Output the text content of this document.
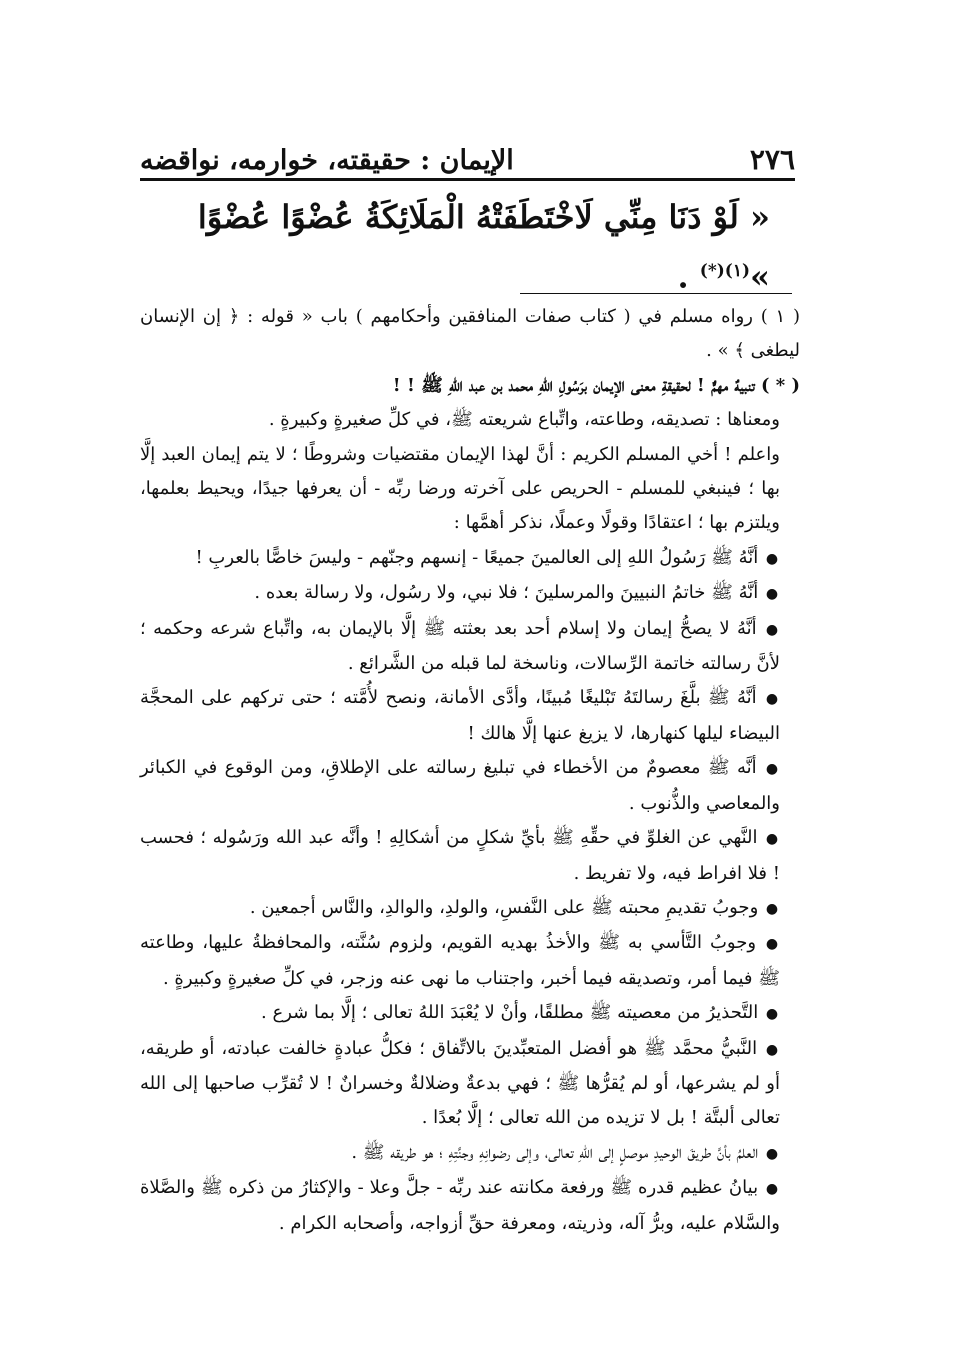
٢٧٦
الإيمان : حقيقته، خوارمه، نواقضه
« لَوْ دَنَا مِنِّي لَاخْتَطَفَتْهُ الْمَلَائِكَةُ عُضْوًا عُضْوًا »$^{(١)(*)}$ .

( ١ ) رواه مسلم في ( كتاب صفات المنافقين وأحكامهم ) باب « قوله : ﴿ إن الإنسان ليطغى ﴾ » .

( * ) تنبيهٌ مهمٌّ ! لحقيقةِ معنى الإيمان برَسُولِ اللهِ محمد بن عبد اللهِ ﷺ ! !

ومعناها : تصديقه، وطاعته، واتِّباع شريعته ﷺ، في كلِّ صغيرةٍ وكبيرةٍ .

واعلم ! أخي المسلم الكريم : أنَّ لهذا الإيمان مقتضيات وشروطًا ؛ لا يتم إيمان العبد إلَّا بها ؛ فينبغي للمسلم - الحريص على آخرته ورضا ربِّه - أن يعرفها جيدًا، ويحيط بعلمها، ويلتزم بها ؛ اعتقادًا وقولًا وعملًا، نذكر أهمَّها :

● أنَّهُ ﷺ رَسُولُ اللهِ إلى العالمينَ جميعًا - إنسهم وجنّهم - وليسَ خاصًّا بالعربِ !

● أنَّهُ ﷺ خاتمُ النبيينَ والمرسلينَ ؛ فلا نبي، ولا رسُول، ولا رسالة بعده .

● أنَّهُ لا يصحُّ إيمان ولا إسلام أحد بعد بعثته ﷺ إلَّا بالإيمان به، واتِّباع شرعه وحكمه ؛ لأنَّ رسالته خاتمة الرِّسالات، وناسخة لما قبله من الشَّرائع .

● أنَّهُ ﷺ بلَّغَ رسالتَهُ تَبْليغًا مُبينًا، وأدَّى الأمانة، ونصح لأُمَّته ؛ حتى تركهم على المحجَّة البيضاء ليلها كنهارها، لا يزيغ عنها إلَّا هالك !

● أنَّه ﷺ معصومٌ من الأخطاء في تبليغ رسالته على الإطلاقِ، ومن الوقوع في الكبائر والمعاصي والذُّنوب .

● النَّهي عن الغلوِّ في حقِّهِ ﷺ بأيِّ شكلٍ من أشكالِهِ ! وأنَّه عبد الله ورَسُوله ؛ فحسب ! فلا افراط فيه، ولا تفريط .

● وجوبُ تقديمِ محبته ﷺ على النَّفسِ، والولدِ، والوالدِ، والنَّاس أجمعين .

● وجوبُ التَّأسي به ﷺ والأخذُ بهديه القويم، ولزوم سُنَّته، والمحافظةُ عليها، وطاعته ﷺ فيما أمر، وتصديقه فيما أخبر، واجتناب ما نهى عنه وزجر، في كلِّ صغيرةٍ وكبيرةٍ .

● التَّحذيرُ من معصيته ﷺ مطلقًا، وأنْ لا يُعْبَدَ اللهُ تعالى ؛ إلَّا بما شرع .

● النَّبيُّ محمَّد ﷺ هو أفضل المتعبِّدينَ بالاتِّفاق ؛ فكلُّ عبادةٍ خالفت عبادته، أو طريقه، أو لم يشرعها، أو لم يُقرُّها ﷺ ؛ فهي بدعةٌ وضلالةٌ وخسرانٌ ! لا تُقرِّب صاحبها إلى الله تعالى ألبتَّة ! بل لا تزيده من الله تعالى ؛ إلَّا بُعدًا .

● العلمُ بأنَّ طريقَ الوحيدِ موصلٍ إلى اللهِ تعالى، وإلى رضوانِهِ وجنَّتِهِ ؛ هو طريقه ﷺ .

● بيانُ عظيم قدره ﷺ ورفعة مكانته عند ربِّه - جلَّ وعلا - والإكثارُ من ذكره ﷺ والصَّلاة والسَّلام عليه، وبرُّ آله، وذريته، ومعرفة حقِّ أزواجه، وأصحابه الكرام .
